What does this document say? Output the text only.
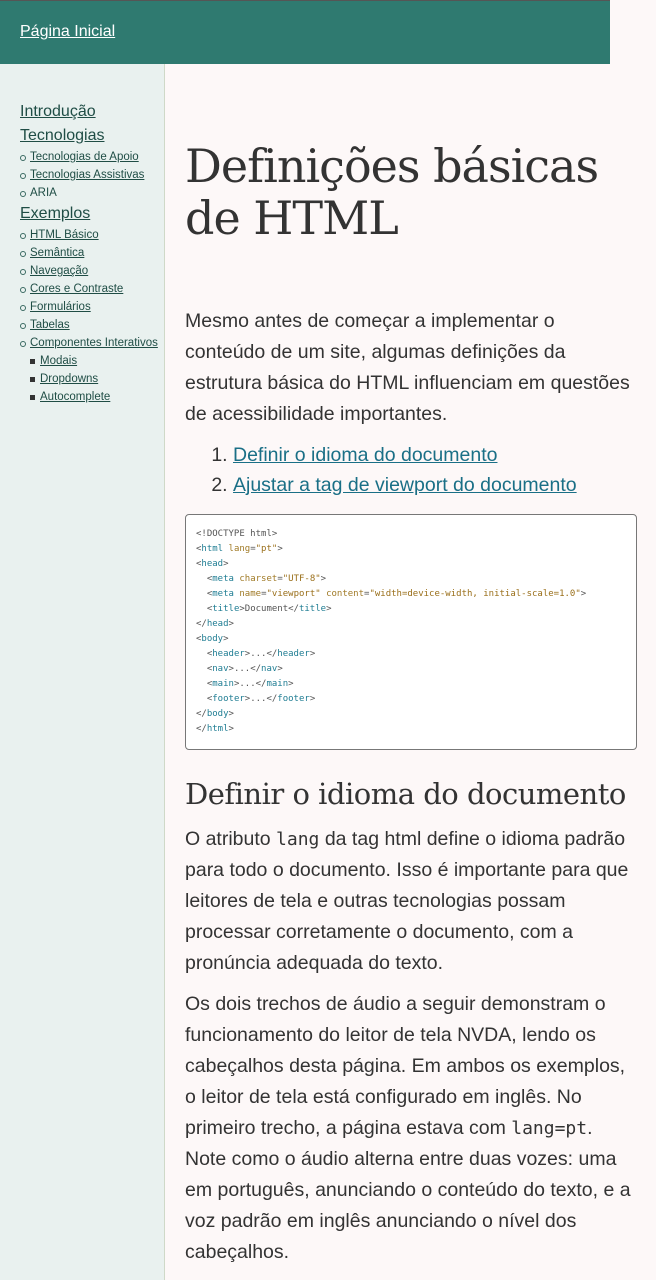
Página Inicial
Introdução
Tecnologias
Tecnologias de Apoio
Tecnologias Assistivas
ARIA
Exemplos
HTML Básico
Semântica
Navegação
Cores e Contraste
Formulários
Tabelas
Componentes Interativos
Modais
Dropdowns
Autocomplete
Definições básicas
de HTML

Mesmo antes de começar a implementar o conteúdo de um site, algumas definições da estrutura básica do HTML influenciam em questões de acessibilidade importantes.

1. Definir o idioma do documento
2. Ajustar a tag de viewport do documento
<!DOCTYPE html>
<html lang="pt">
<head>
<meta charset="UTF-8">
<meta name="viewport" content="width=device-width, initial-scale=1.0">
<title>Document</title>
</head>
<body>
<header>...</header>
<nav>...</nav>
<main>...</main>
<footer>...</footer>
</body>
</html>
Definir o idioma do documento

O atributo lang da tag html define o idioma padrão para todo o documento. Isso é importante para que leitores de tela e outras tecnologias possam processar corretamente o documento, com a pronúncia adequada do texto.

Os dois trechos de áudio a seguir demonstram o funcionamento do leitor de tela NVDA, lendo os cabeçalhos desta página. Em ambos os exemplos, o leitor de tela está configurado em inglês. No primeiro trecho, a página estava com lang=pt. Note como o áudio alterna entre duas vozes: uma em português, anunciando o conteúdo do texto, e a voz padrão em inglês anunciando o nível dos cabeçalhos.
